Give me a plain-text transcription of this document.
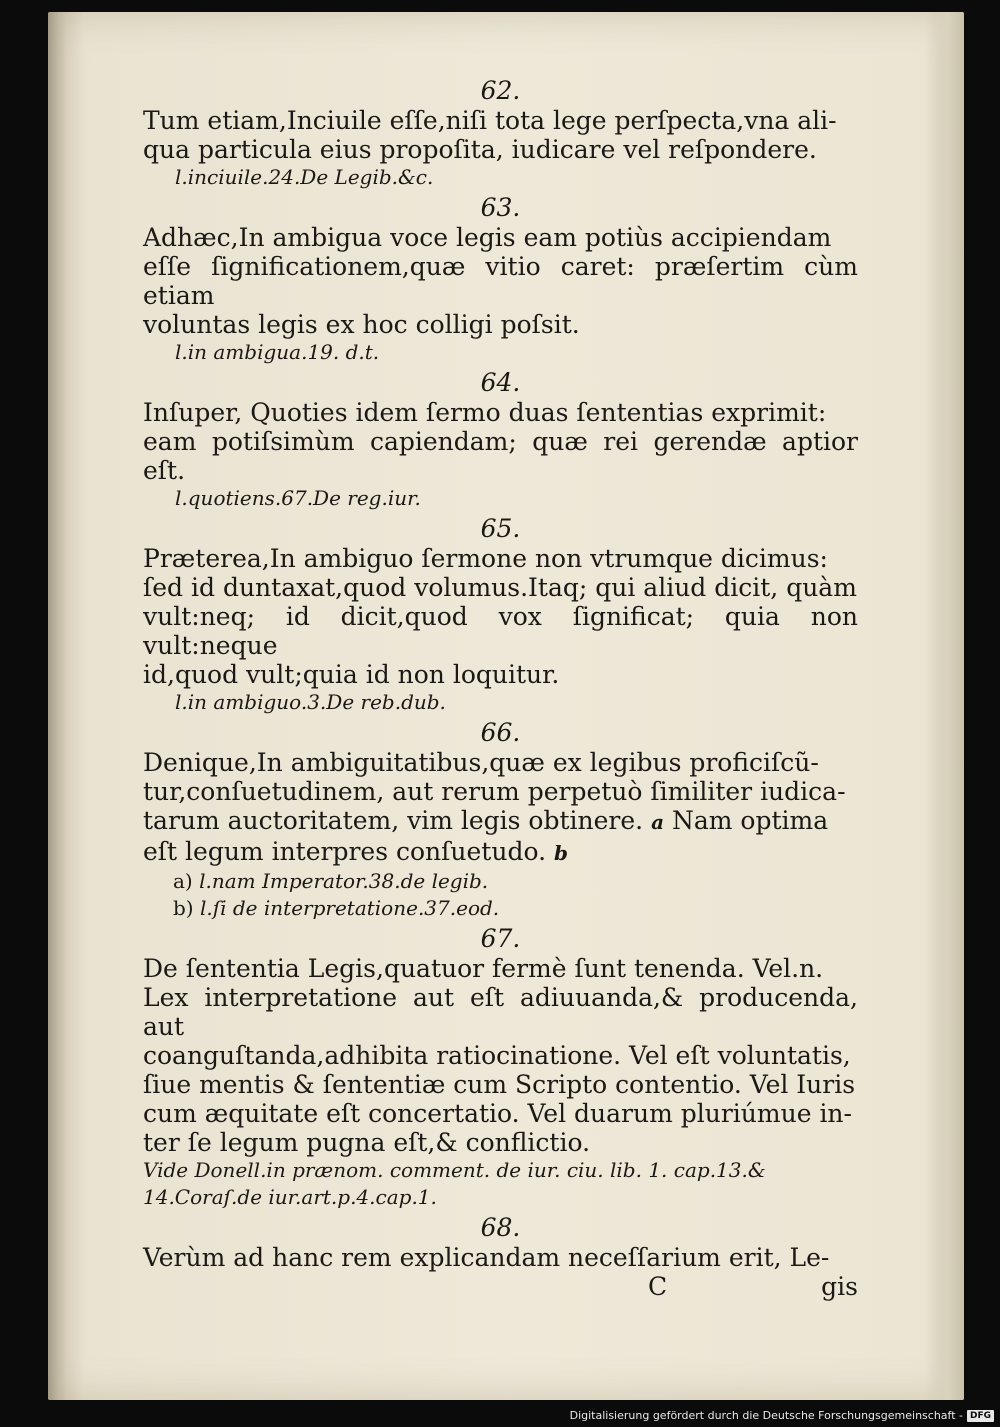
62.
Tum etiam,Inciuile eſſe,niſi tota lege perſpecta,vna ali-
qua particula eius propoſita, iudicare vel reſpondere.
l.inciuile.24.De Legib.&c.
63.
Adhæc,In ambigua voce legis eam potiùs accipiendam
eſſe ſignificationem,quæ vitio caret: præſertim cùm etiam
voluntas legis ex hoc colligi poſsit.
l.in ambigua.19. d.t.
64.
Inſuper, Quoties idem ſermo duas ſententias exprimit:
eam potiſsimùm capiendam; quæ rei gerendæ aptior eſt.
l.quotiens.67.De reg.iur.
65.
Præterea,In ambiguo ſermone non vtrumque dicimus:
ſed id duntaxat,quod volumus.Itaq; qui aliud dicit, quàm
vult:neq; id dicit,quod vox ſignificat; quia non vult:neque
id,quod vult;quia id non loquitur.
l.in ambiguo.3.De reb.dub.
66.
Denique,In ambiguitatibus,quæ ex legibus proficiſcũ-
tur,conſuetudinem, aut rerum perpetuò ſimiliter iudica-
tarum auctoritatem, vim legis obtinere. a Nam optima
eſt legum interpres conſuetudo. b
a) l.nam Imperator.38.de legib.
b) l.ſi de interpretatione.37.eod.
67.
De ſententia Legis,quatuor fermè ſunt tenenda. Vel.n.
Lex interpretatione aut eſt adiuuanda,& producenda, aut
coanguſtanda,adhibita ratiocinatione. Vel eſt voluntatis,
ſiue mentis & ſententiæ cum Scripto contentio. Vel Iuris
cum æquitate eſt concertatio. Vel duarum pluriúmue in-
ter ſe legum pugna eſt,& conflictio.
Vide Donell.in prænom. comment. de iur. ciu. lib. 1. cap.13.&
14.Coraſ.de iur.art.p.4.cap.1.
68.
Verùm ad hanc rem explicandam neceſſarium erit, Le-
C	gis
Digitalisierung gefördert durch die Deutsche Forschungsgemeinschaft - DFG
